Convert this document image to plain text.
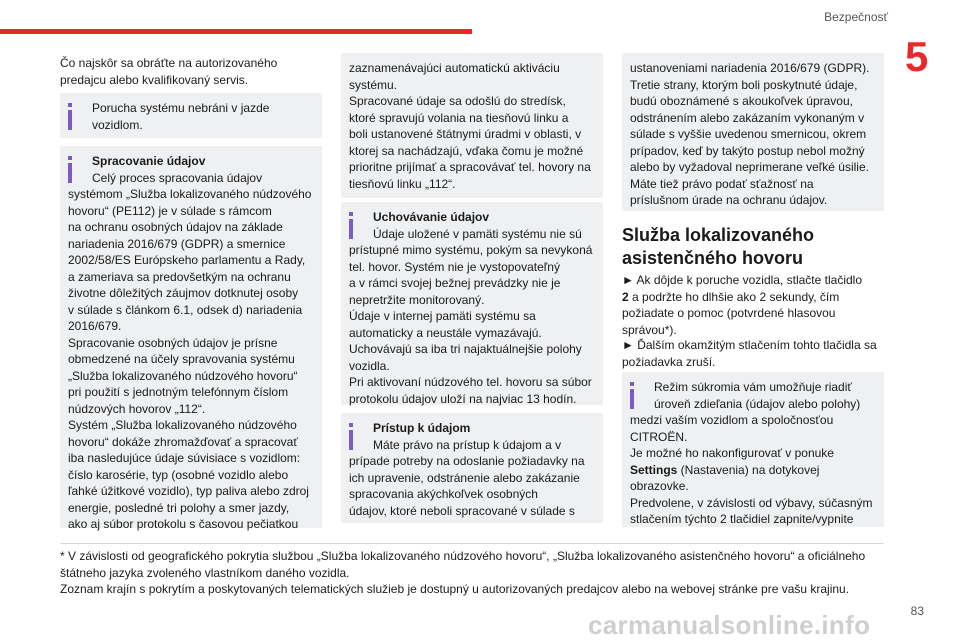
Bezpečnosť
5

Čo najskôr sa obráťte na autorizovaného
predajcu alebo kvalifikovaný servis.

Porucha systému nebráni v jazde
vozidlom.
Spracovanie údajov
Celý proces spracovania údajov
systémom „Služba lokalizovaného núdzového
hovoru“ (PE112) je v súlade s rámcom
na ochranu osobných údajov na základe
nariadenia 2016/679 (GDPR) a smernice
2002/58/ES Európskeho parlamentu a Rady,
a zameriava sa predovšetkým na ochranu
životne dôležitých záujmov dotknutej osoby
v súlade s článkom 6.1, odsek d) nariadenia
2016/679.
Spracovanie osobných údajov je prísne
obmedzené na účely spravovania systému
„Služba lokalizovaného núdzového hovoru“
pri použití s jednotným telefónnym číslom
núdzových hovorov „112“.
Systém „Služba lokalizovaného núdzového
hovoru“ dokáže zhromažďovať a spracovať
iba nasledujúce údaje súvisiace s vozidlom:
číslo karosérie, typ (osobné vozidlo alebo
ľahké úžitkové vozidlo), typ paliva alebo zdroj
energie, posledné tri polohy a smer jazdy,
ako aj súbor protokolu s časovou pečiatkou
zaznamenávajúci automatickú aktiváciu
systému.
Spracované údaje sa odošlú do stredísk,
ktoré spravujú volania na tiesňovú linku a
boli ustanovené štátnymi úradmi v oblasti, v
ktorej sa nachádzajú, vďaka čomu je možné
prioritne prijímať a spracovávať tel. hovory na
tiesňovú linku „112“.
Uchovávanie údajov
Údaje uložené v pamäti systému nie sú
prístupné mimo systému, pokým sa nevykoná
tel. hovor. Systém nie je vystopovateľný
a v rámci svojej bežnej prevádzky nie je
nepretržite monitorovaný.
Údaje v internej pamäti systému sa
automaticky a neustále vymazávajú.
Uchovávajú sa iba tri najaktuálnejšie polohy
vozidla.
Pri aktivovaní núdzového tel. hovoru sa súbor
protokolu údajov uloží na najviac 13 hodín.
Prístup k údajom
Máte právo na prístup k údajom a v
prípade potreby na odoslanie požiadavky na
ich upravenie, odstránenie alebo zakázanie
spracovania akýchkoľvek osobných
údajov, ktoré neboli spracované v súlade s
ustanoveniami nariadenia 2016/679 (GDPR).
Tretie strany, ktorým boli poskytnuté údaje,
budú oboznámené s akoukoľvek úpravou,
odstránením alebo zakázaním vykonaným v
súlade s vyššie uvedenou smernicou, okrem
prípadov, keď by takýto postup nebol možný
alebo by vyžadoval neprimerane veľké úsilie.
Máte tiež právo podať sťažnosť na
príslušnom úrade na ochranu údajov.
Služba lokalizovaného
asistenčného hovoru

► Ak dôjde k poruche vozidla, stlačte tlačidlo
2 a podržte ho dlhšie ako 2 sekundy, čím
požiadate o pomoc (potvrdené hlasovou
správou*).

► Ďalším okamžitým stlačením tohto tlačidla sa
požiadavka zruší.

Režim súkromia vám umožňuje riadiť
úroveň zdieľania (údajov alebo polohy)
medzi vaším vozidlom a spoločnosťou
CITROËN.
Je možné ho nakonfigurovať v ponuke
Settings (Nastavenia) na dotykovej
obrazovke.
Predvolene, v závislosti od výbavy, súčasným
stlačením týchto 2 tlačidiel zapnite/vypnite
* V závislosti od geografického pokrytia službou „Služba lokalizovaného núdzového hovoru“, „Služba lokalizovaného asistenčného hovoru“ a oficiálneho
štátneho jazyka zvoleného vlastníkom daného vozidla.
Zoznam krajín s pokrytím a poskytovaných telematických služieb je dostupný u autorizovaných predajcov alebo na webovej stránke pre vašu krajinu.
83
carmanualsonline.info
